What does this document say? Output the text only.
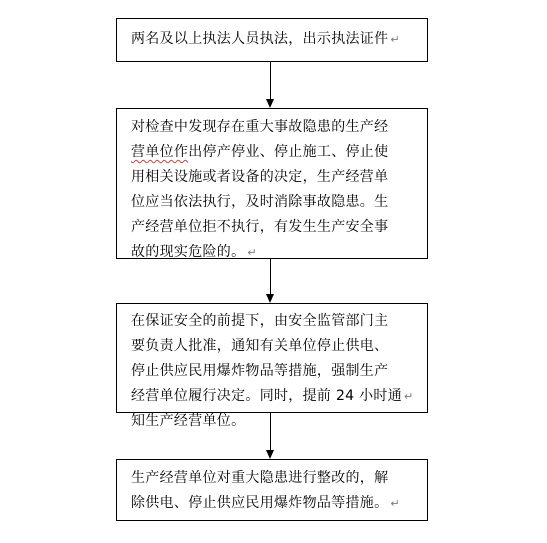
两名及以上执法人员执法，出示执法证件 ↵
对检查中发现存在重大事故隐患的生产经
营单位作出停产停业、停止施工、停止使
用相关设施或者设备的决定，生产经营单
位应当依法执行，及时消除事故隐患。生
产经营单位拒不执行，有发生生产安全事
故的现实危险的。 ↵
在保证安全的前提下，由安全监管部门主
要负责人批准，通知有关单位停止供电、
停止供应民用爆炸物品等措施，强制生产
经营单位履行决定。同时，提前 24 小时通 ↵
知生产经营单位。
生产经营单位对重大隐患进行整改的，解
除供电、停止供应民用爆炸物品等措施。 ↵
